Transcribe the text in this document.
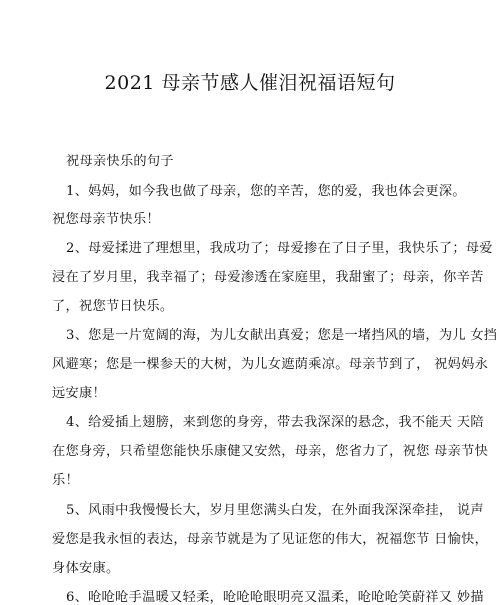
2021 母亲节感人催泪祝福语短句
祝母亲快乐的句子
1、妈妈，如今我也做了母亲，您的辛苦，您的爱，我也体会更深。
祝您母亲节快乐！
2、母爱揉进了理想里，我成功了；母爱掺在了日子里，我快乐了；母爱
浸在了岁月里，我幸福了；母爱渗透在家庭里，我甜蜜了；母亲，你辛苦
了，祝您节日快乐。
3、您是一片宽阔的海，为儿女献出真爱；您是一堵挡风的墙，为儿 女挡
风避寒；您是一棵参天的大树，为儿女遮荫乘凉。母亲节到了， 祝妈妈永
远安康！
4、给爱插上翅膀，来到您的身旁，带去我深深的悬念，我不能天 天陪
在您身旁，只希望您能快乐康健又安然，母亲，您省力了，祝您 母亲节快
乐！
5、风雨中我慢慢长大，岁月里您满头白发，在外面我深深牵挂， 说声
爱您是我永恒的表达，母亲节就是为了见证您的伟大，祝福您节 日愉快，
身体安康。
6、呛呛呛手温暖又轻柔，呛呛呛眼明亮又温柔，呛呛呛笑蔚祥又 妙描
